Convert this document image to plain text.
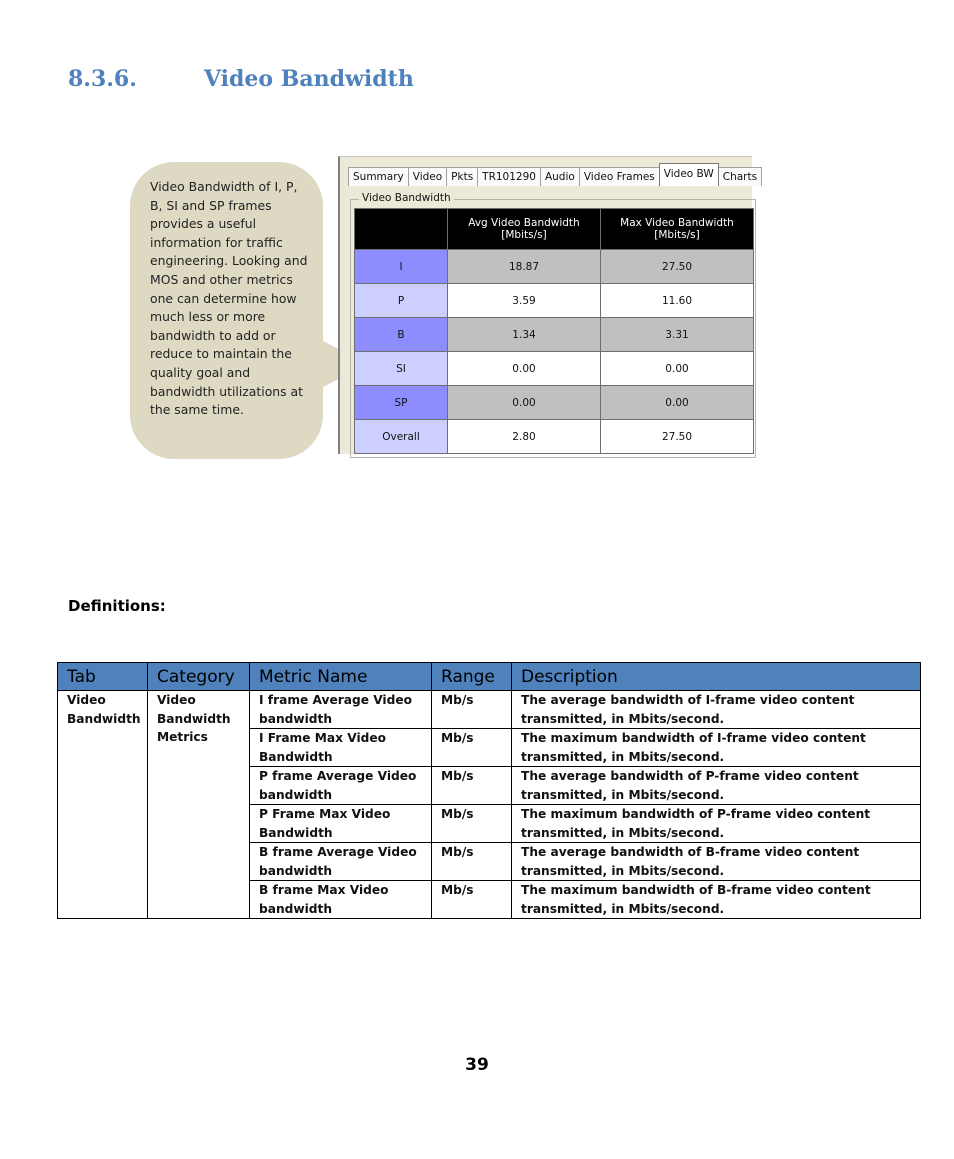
8.3.6.	Video Bandwidth

Video Bandwidth of I, P, B, SI and SP frames provides a useful information for traffic engineering. Looking and MOS and other metrics one can determine how much less or more bandwidth to add or reduce to maintain the quality goal and bandwidth utilizations at the same time.

Summary Video Pkts TR101290 Audio Video Frames Video BW Charts
Video Bandwidth
	Avg Video Bandwidth [Mbits/s]	Max Video Bandwidth [Mbits/s]
I	18.87	27.50
P	3.59	11.60
B	1.34	3.31
SI	0.00	0.00
SP	0.00	0.00
Overall	2.80	27.50

Definitions:

Tab	Category	Metric Name	Range	Description
Video Bandwidth	Video Bandwidth Metrics	I frame Average Video bandwidth	Mb/s	The average bandwidth of I-frame video content transmitted, in Mbits/second.
		I Frame Max Video Bandwidth	Mb/s	The maximum bandwidth of I-frame video content transmitted, in Mbits/second.
		P frame Average Video bandwidth	Mb/s	The average bandwidth of P-frame video content transmitted, in Mbits/second.
		P Frame Max Video Bandwidth	Mb/s	The maximum bandwidth of P-frame video content transmitted, in Mbits/second.
		B frame Average Video bandwidth	Mb/s	The average bandwidth of B-frame video content transmitted, in Mbits/second.
		B frame Max Video bandwidth	Mb/s	The maximum bandwidth of B-frame video content transmitted, in Mbits/second.

39
